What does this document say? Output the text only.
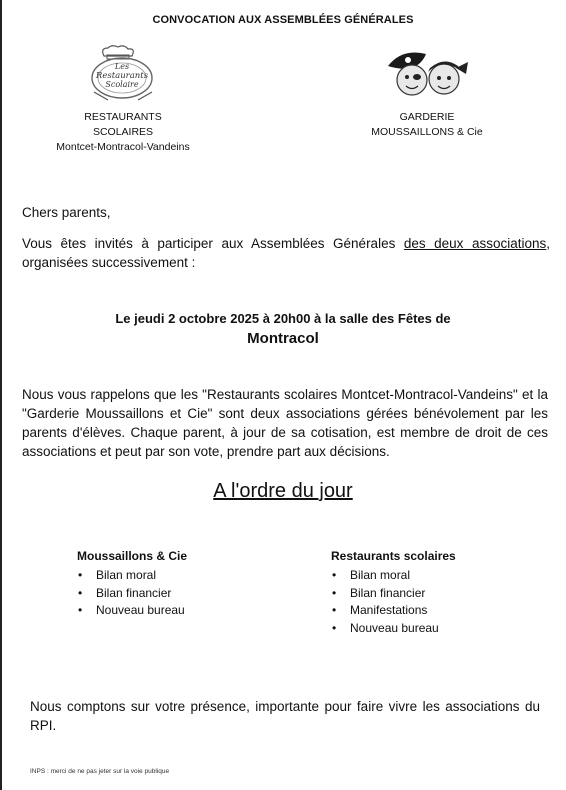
CONVOCATION AUX ASSEMBLÉES GÉNÉRALES
Les
Restaurants
Scolaire
RESTAURANTS
SCOLAIRES
Montcet-Montracol-Vandeins
GARDERIE
MOUSSAILLONS & Cie
Chers parents,
Vous êtes invités à participer aux Assemblées Générales des deux associations, organisées successivement :
Le jeudi 2 octobre 2025 à 20h00 à la salle des Fêtes de
Montracol
Nous vous rappelons que les "Restaurants scolaires Montcet-Montracol-Vandeins" et la "Garderie Moussaillons et Cie" sont deux associations gérées bénévolement par les parents d'élèves. Chaque parent, à jour de sa cotisation, est membre de droit de ces associations et peut par son vote, prendre part aux décisions.
A l'ordre du jour
Moussaillons & Cie
• Bilan moral
• Bilan financier
• Nouveau bureau
Restaurants scolaires
• Bilan moral
• Bilan financier
• Manifestations
• Nouveau bureau
Nous comptons sur votre présence, importante pour faire vivre les associations du RPI.
INPS : merci de ne pas jeter sur la voie publique
